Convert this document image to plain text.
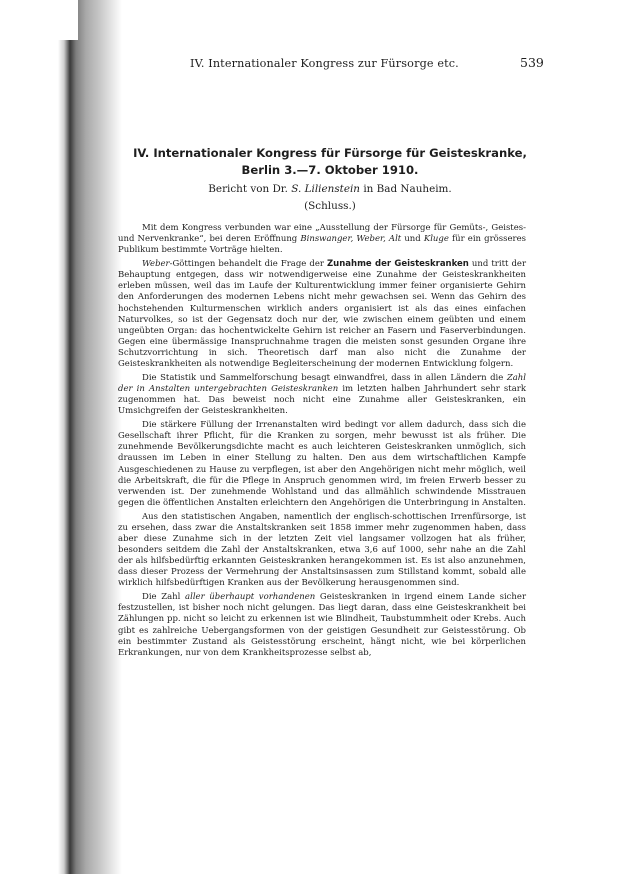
IV. Internationaler Kongress zur Fürsorge etc.	539
IV. Internationaler Kongress für Fürsorge für Geisteskranke,
Berlin 3.—7. Oktober 1910.
Bericht von Dr. S. Lilienstein in Bad Nauheim.
(Schluss.)

Mit dem Kongress verbunden war eine „Ausstellung der Fürsorge für Gemüts-, Geistes- und Nervenkranke“, bei deren Eröffnung Binswanger, Weber, Alt und Kluge für ein grösseres Publikum bestimmte Vorträge hielten.

Weber-Göttingen behandelt die Frage der Zunahme der Geisteskranken und tritt der Behauptung entgegen, dass wir notwendigerweise eine Zunahme der Geisteskrankheiten erleben müssen, weil das im Laufe der Kulturentwicklung immer feiner organisierte Gehirn den Anforderungen des modernen Lebens nicht mehr gewachsen sei. Wenn das Gehirn des hochstehenden Kulturmenschen wirklich anders organisiert ist als das eines einfachen Naturvolkes, so ist der Gegensatz doch nur der, wie zwischen einem geübten und einem ungeübten Organ: das hochentwickelte Gehirn ist reicher an Fasern und Faserverbindungen. Gegen eine übermässige Inanspruchnahme tragen die meisten sonst gesunden Organe ihre Schutzvorrichtung in sich. Theoretisch darf man also nicht die Zunahme der Geisteskrankheiten als notwendige Begleiterscheinung der modernen Entwicklung folgern.

Die Statistik und Sammelforschung besagt einwandfrei, dass in allen Ländern die Zahl der in Anstalten untergebrachten Geisteskranken im letzten halben Jahrhundert sehr stark zugenommen hat. Das beweist noch nicht eine Zunahme aller Geisteskranken, ein Umsichgreifen der Geisteskrankheiten.

Die stärkere Füllung der Irrenanstalten wird bedingt vor allem dadurch, dass sich die Gesellschaft ihrer Pflicht, für die Kranken zu sorgen, mehr bewusst ist als früher. Die zunehmende Bevölkerungsdichte macht es auch leichteren Geisteskranken unmöglich, sich draussen im Leben in einer Stellung zu halten. Den aus dem wirtschaftlichen Kampfe Ausgeschiedenen zu Hause zu verpflegen, ist aber den Angehörigen nicht mehr möglich, weil die Arbeitskraft, die für die Pflege in Anspruch genommen wird, im freien Erwerb besser zu verwenden ist. Der zunehmende Wohlstand und das allmählich schwindende Misstrauen gegen die öffentlichen Anstalten erleichtern den Angehörigen die Unterbringung in Anstalten.

Aus den statistischen Angaben, namentlich der englisch-schottischen Irrenfürsorge, ist zu ersehen, dass zwar die Anstaltskranken seit 1858 immer mehr zugenommen haben, dass aber diese Zunahme sich in der letzten Zeit viel langsamer vollzogen hat als früher, besonders seitdem die Zahl der Anstaltskranken, etwa 3,6 auf 1000, sehr nahe an die Zahl der als hilfsbedürftig erkannten Geisteskranken herangekommen ist. Es ist also anzunehmen, dass dieser Prozess der Vermehrung der Anstaltsinsassen zum Stillstand kommt, sobald alle wirklich hilfsbedürftigen Kranken aus der Bevölkerung herausgenommen sind.

Die Zahl aller überhaupt vorhandenen Geisteskranken in irgend einem Lande sicher festzustellen, ist bisher noch nicht gelungen. Das liegt daran, dass eine Geisteskrankheit bei Zählungen pp. nicht so leicht zu erkennen ist wie Blindheit, Taubstummheit oder Krebs. Auch gibt es zahlreiche Uebergangsformen von der geistigen Gesundheit zur Geistesstörung. Ob ein bestimmter Zustand als Geistesstörung erscheint, hängt nicht, wie bei körperlichen Erkrankungen, nur von dem Krankheitsprozesse selbst ab,
